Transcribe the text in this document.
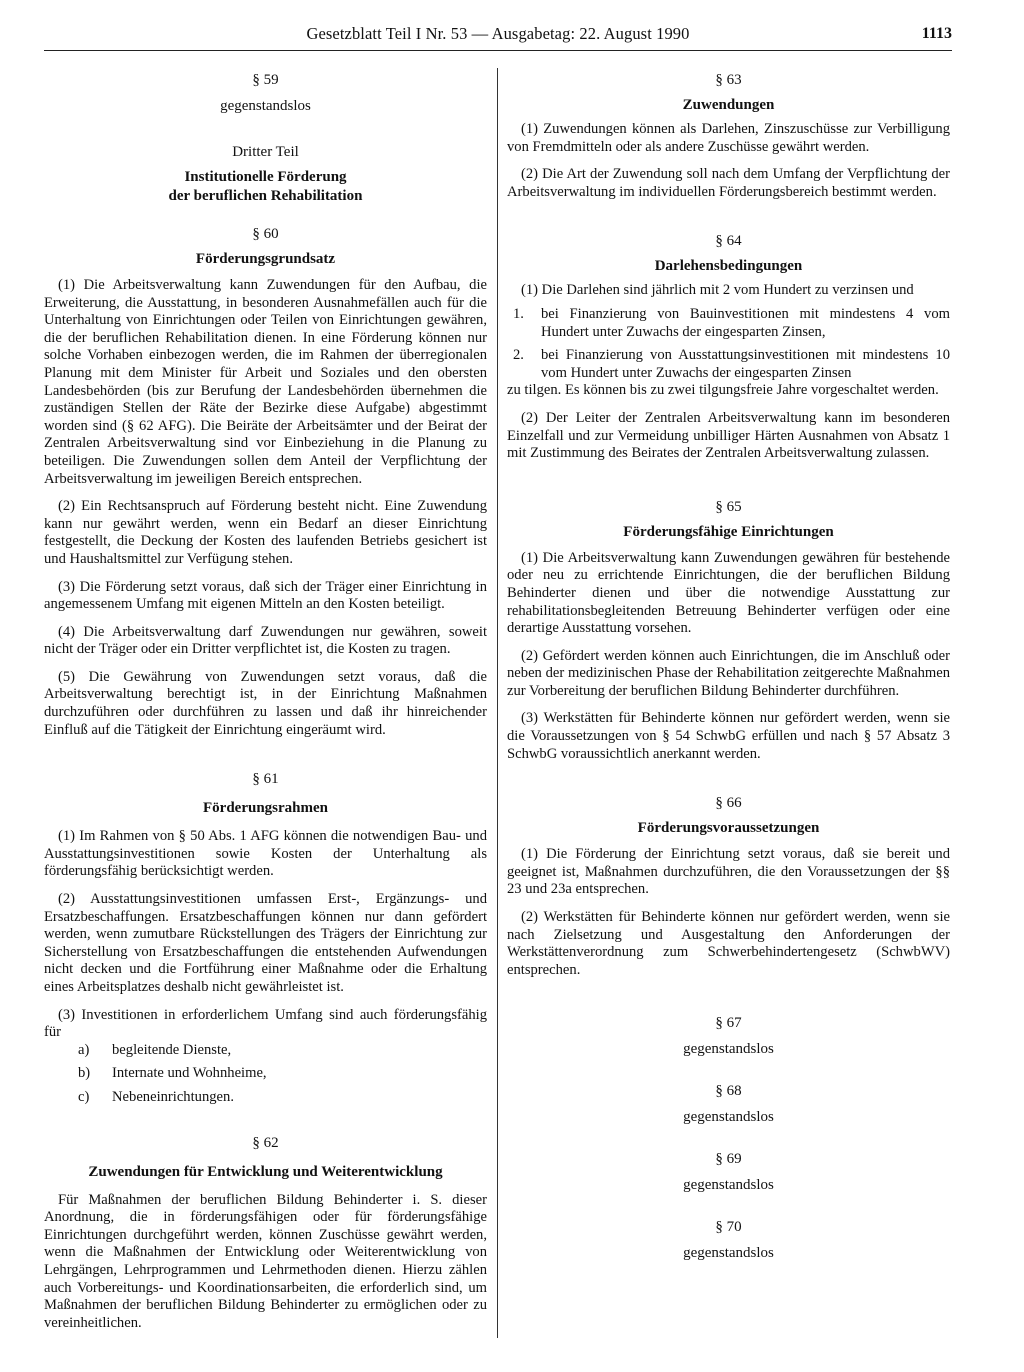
Gesetzblatt Teil I Nr. 53 — Ausgabetag: 22. August 1990	1113
§ 59
gegenstandslos
Dritter Teil
Institutionelle Förderung
der beruflichen Rehabilitation
§ 60
Förderungsgrundsatz

(1) Die Arbeitsverwaltung kann Zuwendungen für den Aufbau, die Erweiterung, die Ausstattung, in besonderen Ausnahmefällen auch für die Unterhaltung von Einrichtungen oder Teilen von Einrichtungen gewähren, die der beruflichen Rehabilitation dienen. In eine Förderung können nur solche Vorhaben einbezogen werden, die im Rahmen der überregionalen Planung mit dem Minister für Arbeit und Soziales und den obersten Landesbehörden (bis zur Berufung der Landesbehörden übernehmen die zuständigen Stellen der Räte der Bezirke diese Aufgabe) abgestimmt worden sind (§ 62 AFG). Die Beiräte der Arbeitsämter und der Beirat der Zentralen Arbeitsverwaltung sind vor Einbeziehung in die Planung zu beteiligen. Die Zuwendungen sollen dem Anteil der Verpflichtung der Arbeitsverwaltung im jeweiligen Bereich entsprechen.

(2) Ein Rechtsanspruch auf Förderung besteht nicht. Eine Zuwendung kann nur gewährt werden, wenn ein Bedarf an dieser Einrichtung festgestellt, die Deckung der Kosten des laufenden Betriebs gesichert ist und Haushaltsmittel zur Verfügung stehen.

(3) Die Förderung setzt voraus, daß sich der Träger einer Einrichtung in angemessenem Umfang mit eigenen Mitteln an den Kosten beteiligt.

(4) Die Arbeitsverwaltung darf Zuwendungen nur gewähren, soweit nicht der Träger oder ein Dritter verpflichtet ist, die Kosten zu tragen.

(5) Die Gewährung von Zuwendungen setzt voraus, daß die Arbeitsverwaltung berechtigt ist, in der Einrichtung Maßnahmen durchzuführen oder durchführen zu lassen und daß ihr hinreichender Einfluß auf die Tätigkeit der Einrichtung eingeräumt wird.

§ 61
Förderungsrahmen

(1) Im Rahmen von § 50 Abs. 1 AFG können die notwendigen Bau- und Ausstattungsinvestitionen sowie Kosten der Unterhaltung als förderungsfähig berücksichtigt werden.

(2) Ausstattungsinvestitionen umfassen Erst-, Ergänzungs- und Ersatzbeschaffungen. Ersatzbeschaffungen können nur dann gefördert werden, wenn zumutbare Rückstellungen des Trägers der Einrichtung zur Sicherstellung von Ersatzbeschaffungen die entstehenden Aufwendungen nicht decken und die Fortführung einer Maßnahme oder die Erhaltung eines Arbeitsplatzes deshalb nicht gewährleistet ist.

(3) Investitionen in erforderlichem Umfang sind auch förderungsfähig für

a)	begleitende Dienste,
b)	Internate und Wohnheime,
c)	Nebeneinrichtungen.
§ 62
Zuwendungen für Entwicklung und Weiterentwicklung

Für Maßnahmen der beruflichen Bildung Behinderter i. S. dieser Anordnung, die in förderungsfähigen oder für förderungsfähige Einrichtungen durchgeführt werden, können Zuschüsse gewährt werden, wenn die Maßnahmen der Entwicklung oder Weiterentwicklung von Lehrgängen, Lehrprogrammen und Lehrmethoden dienen. Hierzu zählen auch Vorbereitungs- und Koordinationsarbeiten, die erforderlich sind, um Maßnahmen der beruflichen Bildung Behinderter zu ermöglichen oder zu vereinheitlichen.

§ 63
Zuwendungen

(1) Zuwendungen können als Darlehen, Zinszuschüsse zur Verbilligung von Fremdmitteln oder als andere Zuschüsse gewährt werden.

(2) Die Art der Zuwendung soll nach dem Umfang der Verpflichtung der Arbeitsverwaltung im individuellen Förderungsbereich bestimmt werden.

§ 64
Darlehensbedingungen

(1) Die Darlehen sind jährlich mit 2 vom Hundert zu verzinsen und

1.	bei Finanzierung von Bauinvestitionen mit mindestens 4 vom Hundert unter Zuwachs der eingesparten Zinsen,
2.	bei Finanzierung von Ausstattungsinvestitionen mit mindestens 10 vom Hundert unter Zuwachs der eingesparten Zinsen

zu tilgen. Es können bis zu zwei tilgungsfreie Jahre vorgeschaltet werden.

(2) Der Leiter der Zentralen Arbeitsverwaltung kann im besonderen Einzelfall und zur Vermeidung unbilliger Härten Ausnahmen von Absatz 1 mit Zustimmung des Beirates der Zentralen Arbeitsverwaltung zulassen.

§ 65
Förderungsfähige Einrichtungen

(1) Die Arbeitsverwaltung kann Zuwendungen gewähren für bestehende oder neu zu errichtende Einrichtungen, die der beruflichen Bildung Behinderter dienen und über die notwendige Ausstattung zur rehabilitationsbegleitenden Betreuung Behinderter verfügen oder eine derartige Ausstattung vorsehen.

(2) Gefördert werden können auch Einrichtungen, die im Anschluß oder neben der medizinischen Phase der Rehabilitation zeitgerechte Maßnahmen zur Vorbereitung der beruflichen Bildung Behinderter durchführen.

(3) Werkstätten für Behinderte können nur gefördert werden, wenn sie die Voraussetzungen von § 54 SchwbG erfüllen und nach § 57 Absatz 3 SchwbG voraussichtlich anerkannt werden.

§ 66
Förderungsvoraussetzungen

(1) Die Förderung der Einrichtung setzt voraus, daß sie bereit und geeignet ist, Maßnahmen durchzuführen, die den Voraussetzungen der §§ 23 und 23a entsprechen.

(2) Werkstätten für Behinderte können nur gefördert werden, wenn sie nach Zielsetzung und Ausgestaltung den Anforderungen der Werkstättenverordnung zum Schwerbehindertengesetz (SchwbWV) entsprechen.

§ 67
gegenstandslos
§ 68
gegenstandslos
§ 69
gegenstandslos
§ 70
gegenstandslos
